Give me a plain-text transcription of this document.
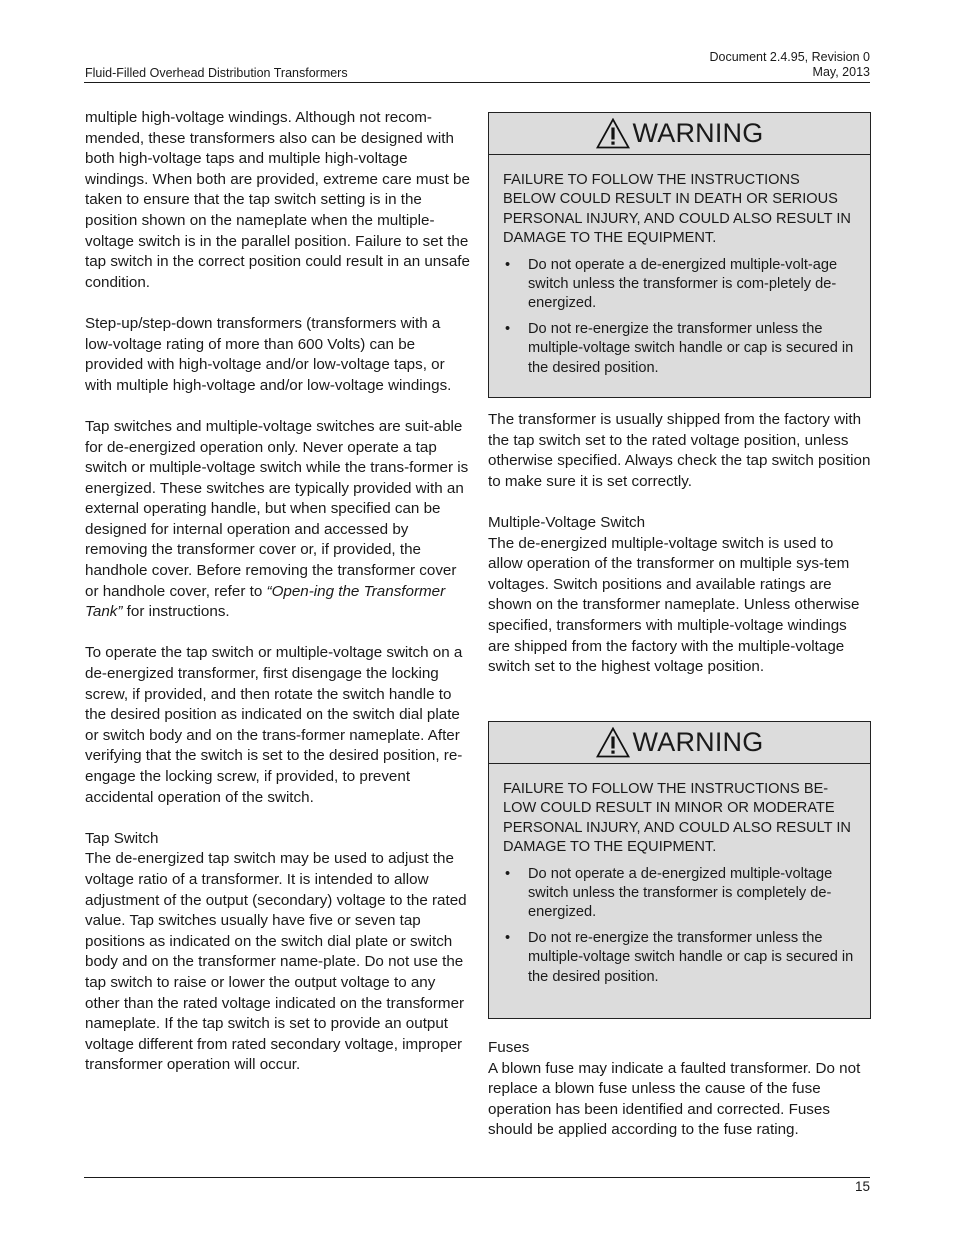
Fluid-Filled Overhead Distribution Transformers
Document 2.4.95, Revision 0
May, 2013

multiple high-voltage windings. Although not recom-mended, these transformers also can be designed with both high-voltage taps and multiple high-voltage windings. When both are provided, extreme care must be taken to ensure that the tap switch setting is in the position shown on the nameplate when the multiple-voltage switch is in the parallel position. Failure to set the tap switch in the correct position could result in an unsafe condition.

Step-up/step-down transformers (transformers with a low-voltage rating of more than 600 Volts) can be provided with high-voltage and/or low-voltage taps, or with multiple high-voltage and/or low-voltage windings.

Tap switches and multiple-voltage switches are suit-able for de-energized operation only. Never operate a tap switch or multiple-voltage switch while the trans-former is energized. These switches are typically provided with an external operating handle, but when specified can be designed for internal operation and accessed by removing the transformer cover or, if provided, the handhole cover. Before removing the transformer cover or handhole cover, refer to “Open-ing the Transformer Tank” for instructions.

To operate the tap switch or multiple-voltage switch on a de-energized transformer, first disengage the locking screw, if provided, and then rotate the switch handle to the desired position as indicated on the switch dial plate or switch body and on the trans-former nameplate. After verifying that the switch is set to the desired position, re-engage the locking screw, if provided, to prevent accidental operation of the switch.

Tap Switch

The de-energized tap switch may be used to adjust the voltage ratio of a transformer. It is intended to allow adjustment of the output (secondary) voltage to the rated value. Tap switches usually have five or seven tap positions as indicated on the switch dial plate or switch body and on the transformer name-plate. Do not use the tap switch to raise or lower the output voltage to any other than the rated voltage indicated on the transformer nameplate. If the tap switch is set to provide an output voltage different from rated secondary voltage, improper transformer operation will occur.

WARNING
FAILURE TO FOLLOW THE INSTRUCTIONS BELOW COULD RESULT IN DEATH OR SERIOUS PERSONAL INJURY, AND COULD ALSO RESULT IN DAMAGE TO THE EQUIPMENT.
• Do not operate a de-energized multiple-volt-age switch unless the transformer is com-pletely de-energized.
• Do not re-energize the transformer unless the multiple-voltage switch handle or cap is secured in the desired position.

The transformer is usually shipped from the factory with the tap switch set to the rated voltage position, unless otherwise specified. Always check the tap switch position to make sure it is set correctly.

Multiple-Voltage Switch

The de-energized multiple-voltage switch is used to allow operation of the transformer on multiple sys-tem voltages. Switch positions and available ratings are shown on the transformer nameplate. Unless otherwise specified, transformers with multiple-voltage windings are shipped from the factory with the multiple-voltage switch set to the highest voltage position.

WARNING
FAILURE TO FOLLOW THE INSTRUCTIONS BE-LOW COULD RESULT IN MINOR OR MODERATE PERSONAL INJURY, AND COULD ALSO RESULT IN DAMAGE TO THE EQUIPMENT.
• Do not operate a de-energized multiple-voltage switch unless the transformer is completely de-energized.
• Do not re-energize the transformer unless the multiple-voltage switch handle or cap is secured in the desired position.
Fuses

A blown fuse may indicate a faulted transformer. Do not replace a blown fuse unless the cause of the fuse operation has been identified and corrected. Fuses should be applied according to the fuse rating.

15
